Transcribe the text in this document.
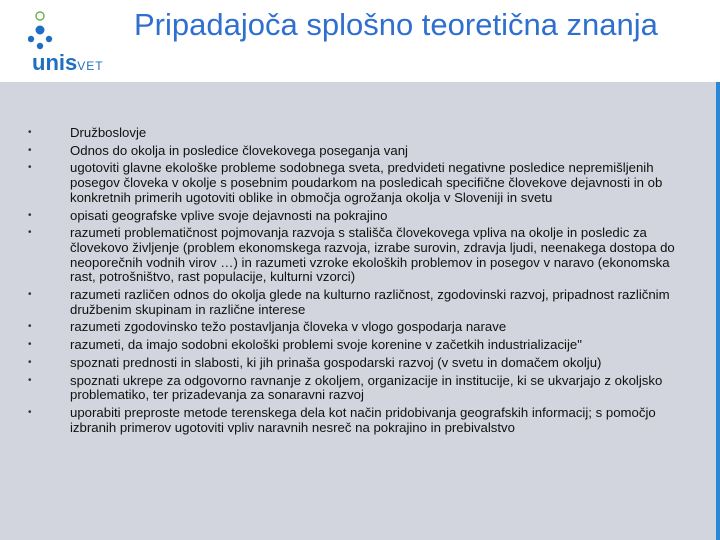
unisVET
Pripadajoča splošno teoretična znanja
•	Družboslovje
•	Odnos do okolja in posledice človekovega poseganja vanj
•	ugotoviti glavne ekološke probleme sodobnega sveta, predvideti negativne posledice nepremišljenih posegov človeka v okolje s posebnim poudarkom na posledicah specifične človekove dejavnosti in ob konkretnih primerih ugotoviti oblike in območja ogrožanja okolja v Sloveniji in svetu
•	opisati geografske vplive svoje dejavnosti na pokrajino
•	razumeti problematičnost pojmovanja razvoja s stališča človekovega vpliva na okolje in posledic za človekovo življenje (problem ekonomskega razvoja, izrabe surovin, zdravja ljudi, neenakega dostopa do neoporečnih vodnih virov …) in razumeti vzroke ekoloških problemov in posegov v naravo (ekonomska rast, potrošništvo, rast populacije, kulturni vzorci)
•	razumeti različen odnos do okolja glede na kulturno različnost, zgodovinski razvoj, pripadnost različnim družbenim skupinam in različne interese
•	razumeti zgodovinsko težo postavljanja človeka v vlogo gospodarja narave
•	razumeti, da imajo sodobni ekološki problemi svoje korenine v začetkih industrializacije"
•	spoznati prednosti in slabosti, ki jih prinaša gospodarski razvoj (v svetu in domačem okolju)
•	spoznati ukrepe za odgovorno ravnanje z okoljem, organizacije in institucije, ki se ukvarjajo z okoljsko problematiko, ter prizadevanja za sonaravni razvoj
•	uporabiti preproste metode terenskega dela kot način pridobivanja geografskih informacij; s pomočjo izbranih primerov ugotoviti vpliv naravnih nesreč na pokrajino in prebivalstvo
